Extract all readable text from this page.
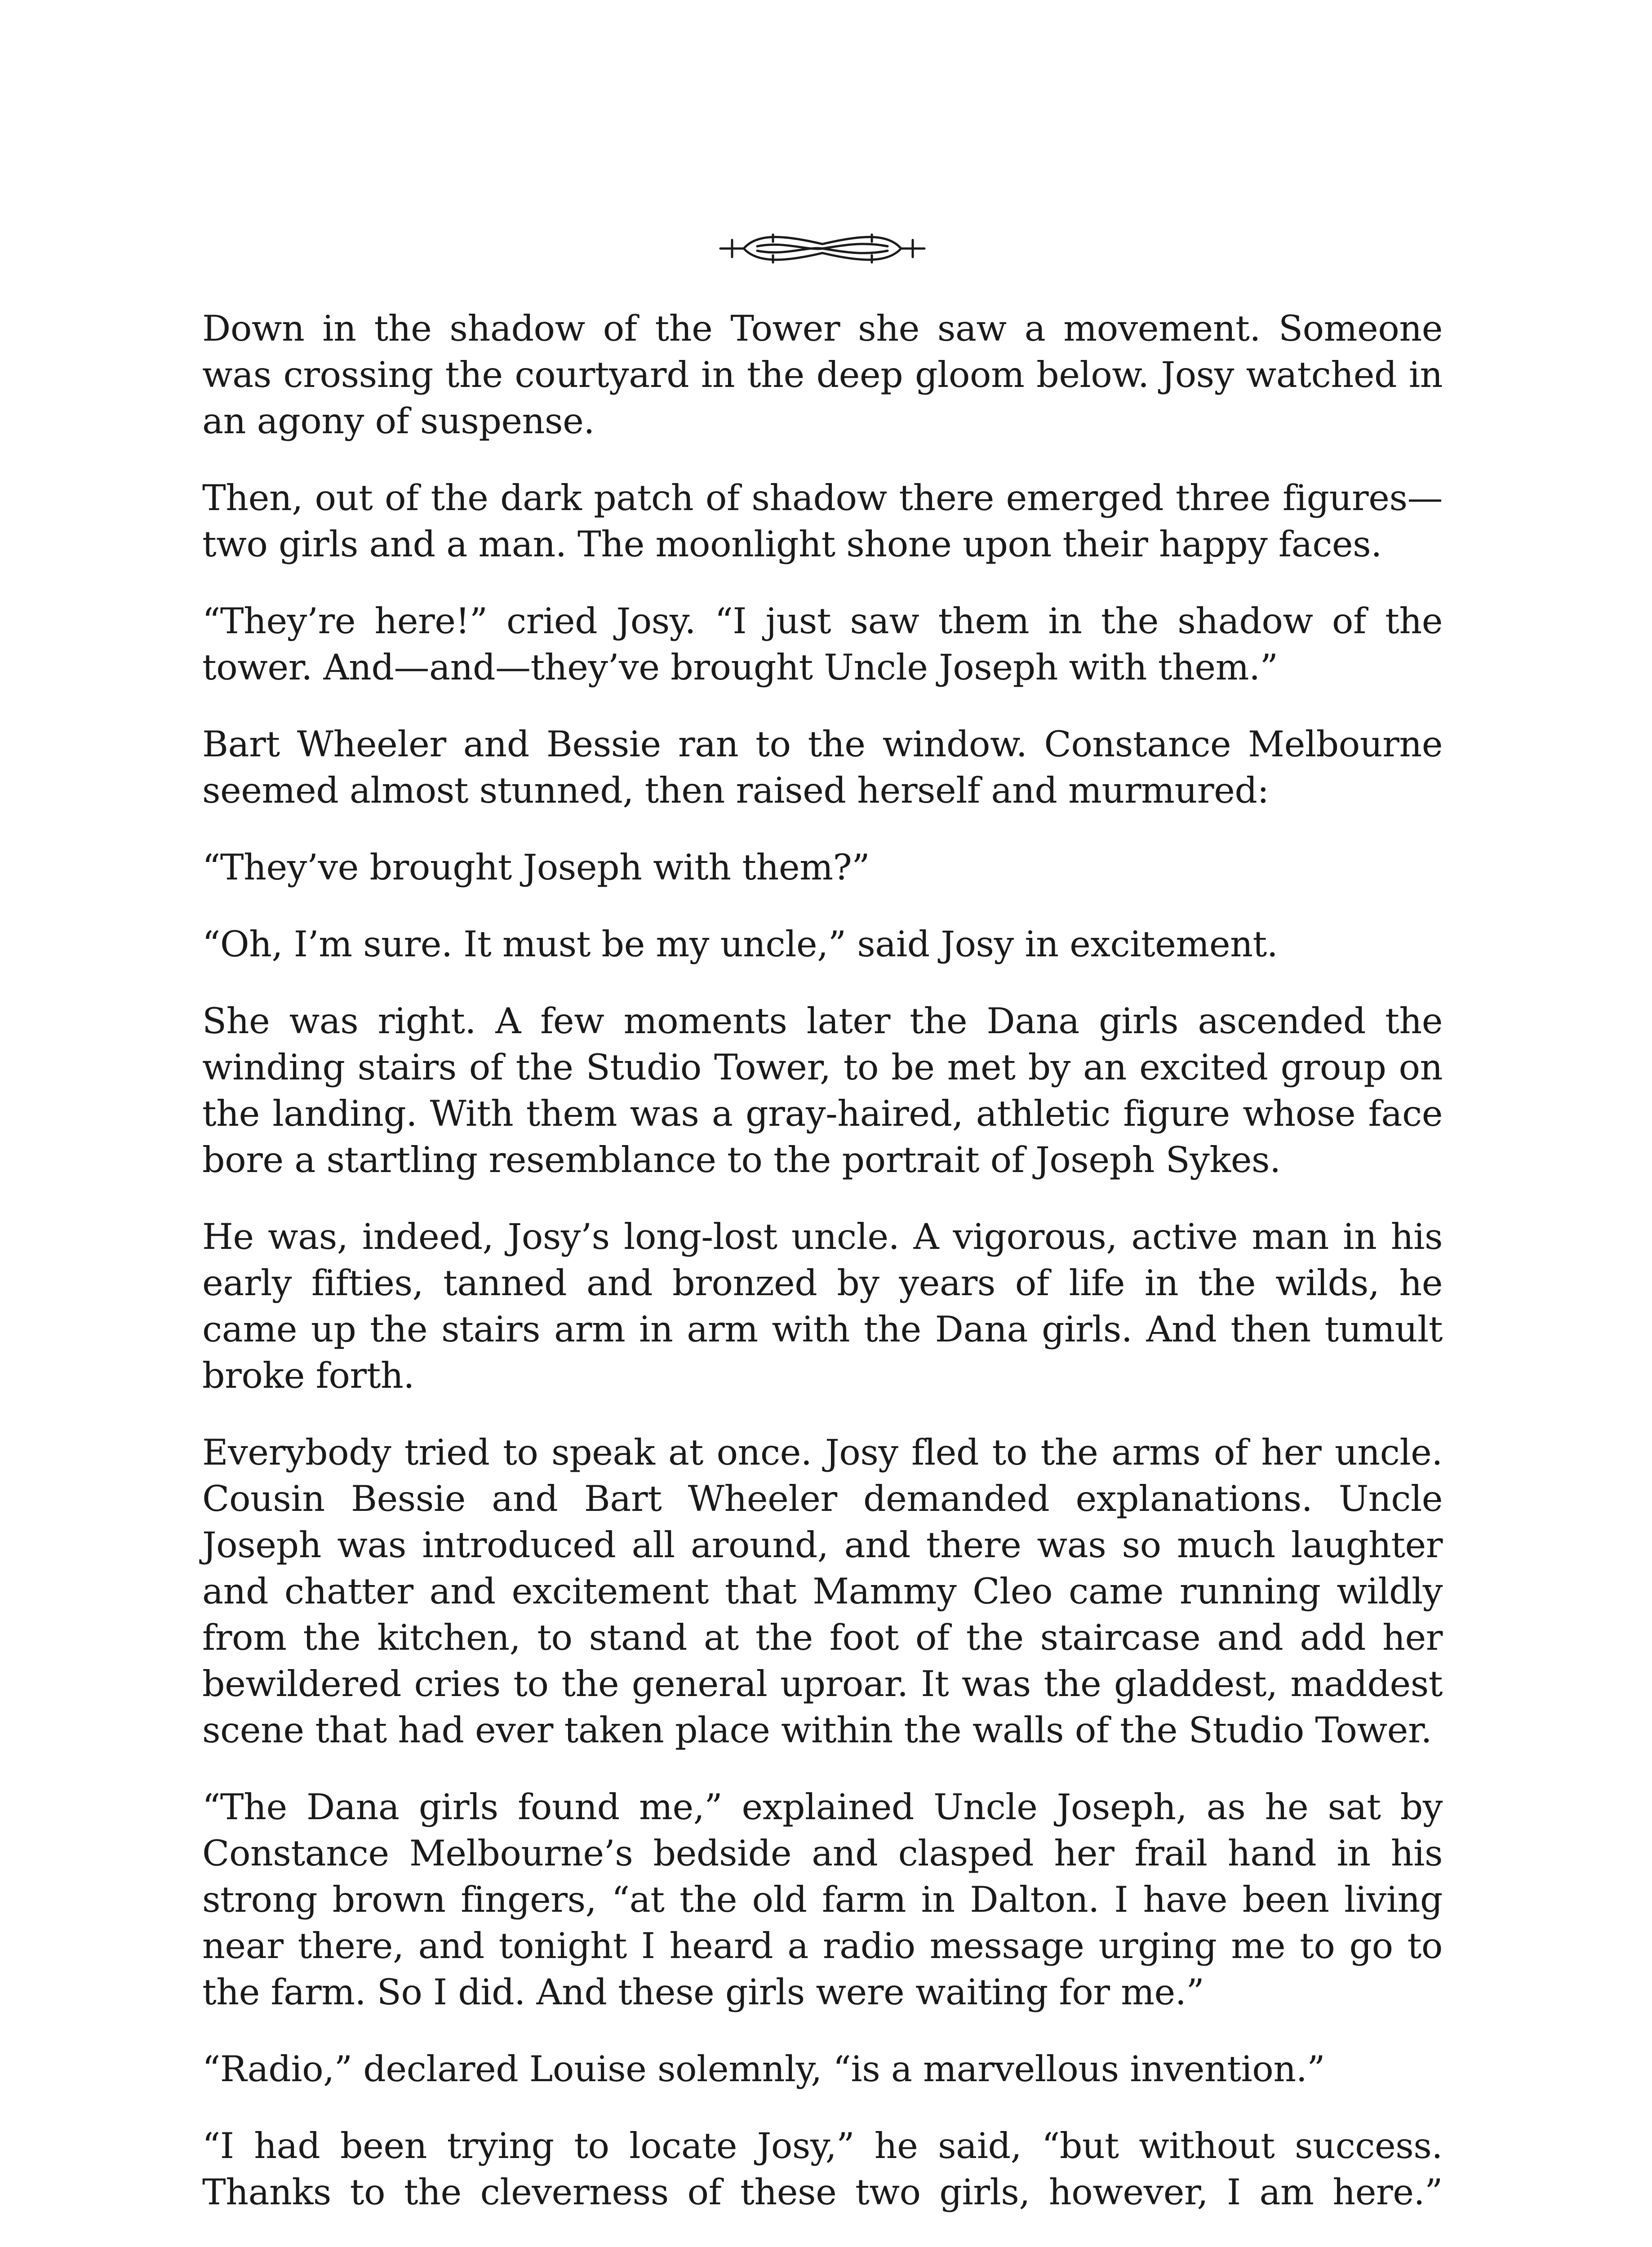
Down in the shadow of the Tower she saw a movement. Someone was crossing the courtyard in the deep gloom below. Josy watched in an agony of suspense.

Then, out of the dark patch of shadow there emerged three figures—two girls and a man. The moonlight shone upon their happy faces.

“They’re here!” cried Josy. “I just saw them in the shadow of the tower. And—and—they’ve brought Uncle Joseph with them.”

Bart Wheeler and Bessie ran to the window. Constance Melbourne seemed almost stunned, then raised herself and murmured:

“They’ve brought Joseph with them?”

“Oh, I’m sure. It must be my uncle,” said Josy in excitement.

She was right. A few moments later the Dana girls ascended the winding stairs of the Studio Tower, to be met by an excited group on the landing. With them was a gray-haired, athletic figure whose face bore a startling resemblance to the portrait of Joseph Sykes.

He was, indeed, Josy’s long-lost uncle. A vigorous, active man in his early fifties, tanned and bronzed by years of life in the wilds, he came up the stairs arm in arm with the Dana girls. And then tumult broke forth.

Everybody tried to speak at once. Josy fled to the arms of her uncle. Cousin Bessie and Bart Wheeler demanded explanations. Uncle Joseph was introduced all around, and there was so much laughter and chatter and excitement that Mammy Cleo came running wildly from the kitchen, to stand at the foot of the staircase and add her bewildered cries to the general uproar. It was the gladdest, maddest scene that had ever taken place within the walls of the Studio Tower.

“The Dana girls found me,” explained Uncle Joseph, as he sat by Constance Melbourne’s bedside and clasped her frail hand in his strong brown fingers, “at the old farm in Dalton. I have been living near there, and tonight I heard a radio message urging me to go to the farm. So I did. And these girls were waiting for me.”

“Radio,” declared Louise solemnly, “is a marvellous invention.”

“I had been trying to locate Josy,” he said, “but without success. Thanks to the cleverness of these two girls, however, I am here.”
